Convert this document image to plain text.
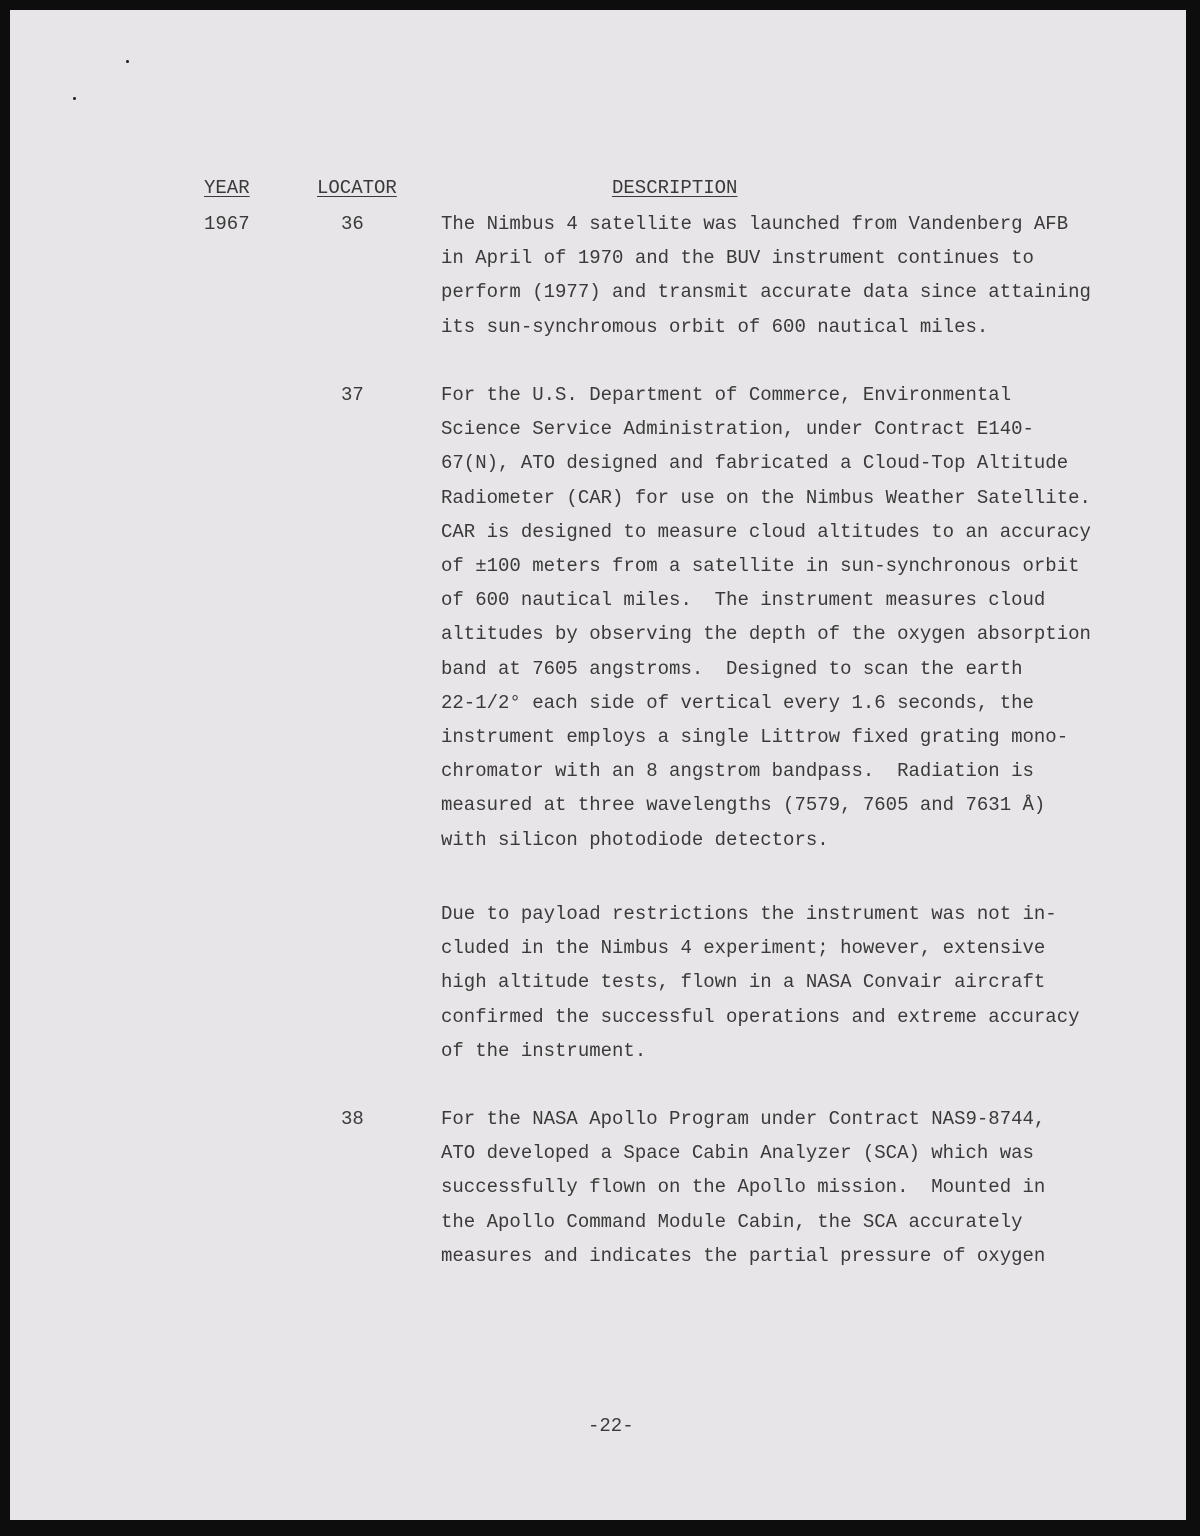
YEAR	LOCATOR	DESCRIPTION
1967	36	The Nimbus 4 satellite was launched from Vandenberg AFB
in April of 1970 and the BUV instrument continues to
perform (1977) and transmit accurate data since attaining
its sun-synchromous orbit of 600 nautical miles.
37	For the U.S. Department of Commerce, Environmental
Science Service Administration, under Contract E140-
67(N), ATO designed and fabricated a Cloud-Top Altitude
Radiometer (CAR) for use on the Nimbus Weather Satellite.
CAR is designed to measure cloud altitudes to an accuracy
of ±100 meters from a satellite in sun-synchronous orbit
of 600 nautical miles.  The instrument measures cloud
altitudes by observing the depth of the oxygen absorption
band at 7605 angstroms.  Designed to scan the earth
22-1/2° each side of vertical every 1.6 seconds, the
instrument employs a single Littrow fixed grating mono-
chromator with an 8 angstrom bandpass.  Radiation is
measured at three wavelengths (7579, 7605 and 7631 Å)
with silicon photodiode detectors.
Due to payload restrictions the instrument was not in-
cluded in the Nimbus 4 experiment; however, extensive
high altitude tests, flown in a NASA Convair aircraft
confirmed the successful operations and extreme accuracy
of the instrument.
38	For the NASA Apollo Program under Contract NAS9-8744,
ATO developed a Space Cabin Analyzer (SCA) which was
successfully flown on the Apollo mission.  Mounted in
the Apollo Command Module Cabin, the SCA accurately
measures and indicates the partial pressure of oxygen
-22-
